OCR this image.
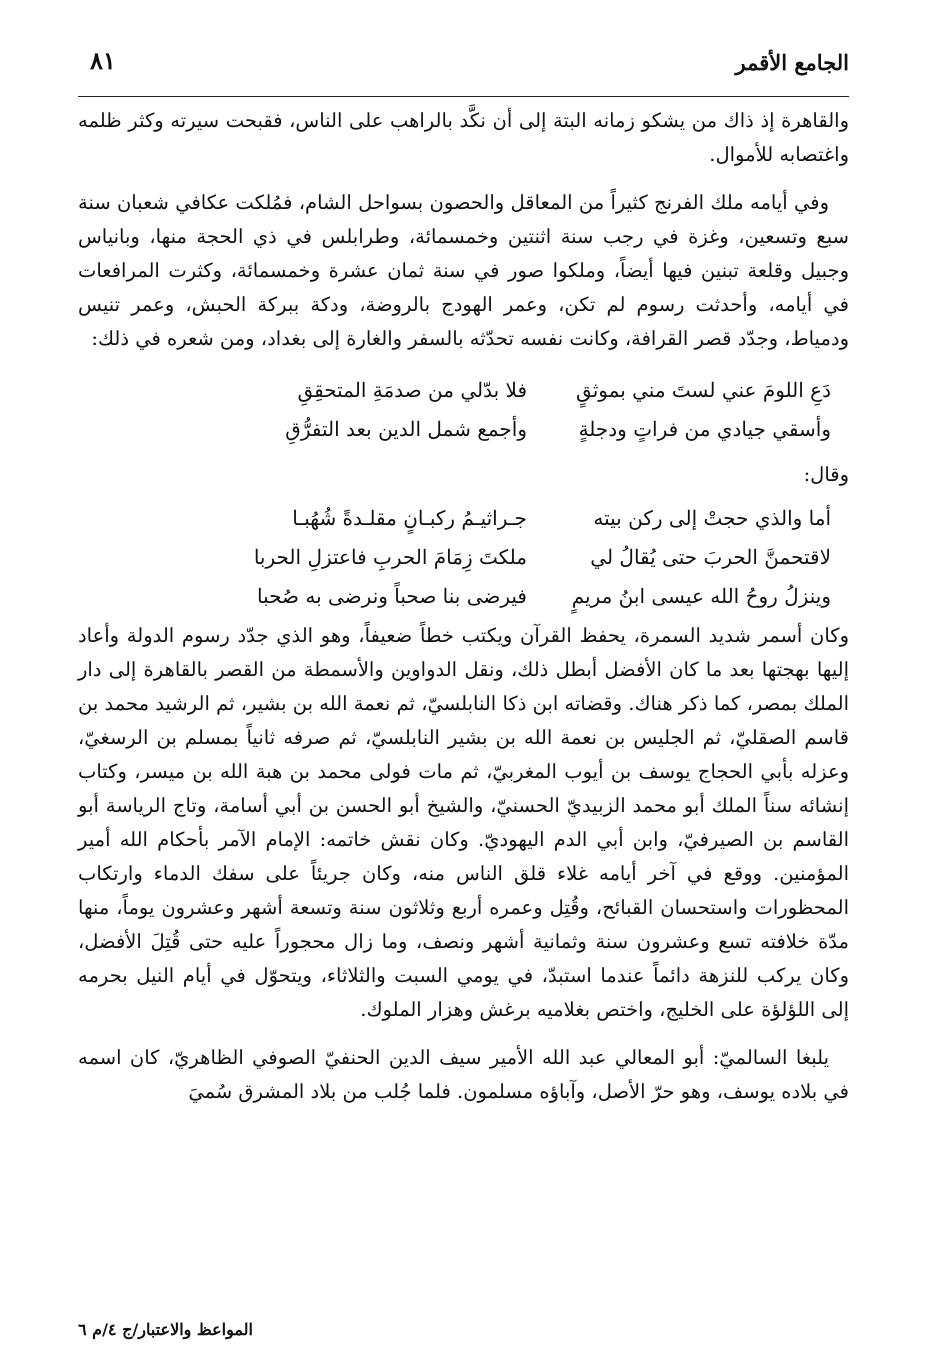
الجامع الأقمر
٨١

والقاهرة إذ ذاك من يشكو زمانه البتة إلى أن نكَّد بالراهب على الناس، فقبحت سيرته وكثر ظلمه واغتصابه للأموال.

وفي أيامه ملك الفرنج كثيراً من المعاقل والحصون بسواحل الشام، فمُلكت عكافي شعبان سنة سبع وتسعين، وغزة في رجب سنة اثنتين وخمسمائة، وطرابلس في ذي الحجة منها، وبانياس وجبيل وقلعة تبنين فيها أيضاً، وملكوا صور في سنة ثمان عشرة وخمسمائة، وكثرت المرافعات في أيامه، وأحدثت رسوم لم تكن، وعمر الهودج بالروضة، ودكة ببركة الحبش، وعمر تنيس ودمياط، وجدّد قصر القرافة، وكانت نفسه تحدّثه بالسفر والغارة إلى بغداد، ومن شعره في ذلك:

دَعِ اللومَ عني لستَ مني بموثقٍ
فلا بدّلي من صدمَةِ المتحقِقِ
وأسقي جيادي من فراتٍ ودجلةٍ
وأجمع شمل الدين بعد التفرُّقِ
وقال:
أما والذي حجتْ إلى ركن بيته
جـراثيـمُ ركبـانٍ مقلـدةً شُهُبـا
لاقتحمنَّ الحربَ حتى يُقالُ لي
ملكتَ زِمَامَ الحربِ فاعتزلِ الحربا
وينزلُ روحُ الله عيسى ابنُ مريمٍ
فيرضى بنا صحباً ونرضى به صُحبا

وكان أسمر شديد السمرة، يحفظ القرآن ويكتب خطاً ضعيفاً، وهو الذي جدّد رسوم الدولة وأعاد إليها بهجتها بعد ما كان الأفضل أبطل ذلك، ونقل الدواوين والأسمطة من القصر بالقاهرة إلى دار الملك بمصر، كما ذكر هناك. وقضاته ابن ذكا النابلسيّ، ثم نعمة الله بن بشير، ثم الرشيد محمد بن قاسم الصقليّ، ثم الجليس بن نعمة الله بن بشير النابلسيّ، ثم صرفه ثانياً بمسلم بن الرسغيّ، وعزله بأبي الحجاج يوسف بن أيوب المغربيّ، ثم مات فولى محمد بن هبة الله بن ميسر، وكتاب إنشائه سناً الملك أبو محمد الزبيديّ الحسنيّ، والشيخ أبو الحسن بن أبي أسامة، وتاج الرياسة أبو القاسم بن الصيرفيّ، وابن أبي الدم اليهوديّ. وكان نقش خاتمه: الإمام الآمر بأحكام الله أمير المؤمنين. ووقع في آخر أيامه غلاء قلق الناس منه، وكان جريئاً على سفك الدماء وارتكاب المحظورات واستحسان القبائح، وقُتِل وعمره أربع وثلاثون سنة وتسعة أشهر وعشرون يوماً، منها مدّة خلافته تسع وعشرون سنة وثمانية أشهر ونصف، وما زال محجوراً عليه حتى قُتِلَ الأفضل، وكان يركب للنزهة دائماً عندما استبدّ، في يومي السبت والثلاثاء، ويتحوّل في أيام النيل بحرمه إلى اللؤلؤة على الخليج، واختص بغلاميه برغش وهزار الملوك.

يلبغا السالميّ: أبو المعالي عبد الله الأمير سيف الدين الحنفيّ الصوفي الظاهريّ، كان اسمه في بلاده يوسف، وهو حرّ الأصل، وآباؤه مسلمون. فلما جُلب من بلاد المشرق سُميَ

المواعظ والاعتبار/ج ٤/م ٦
